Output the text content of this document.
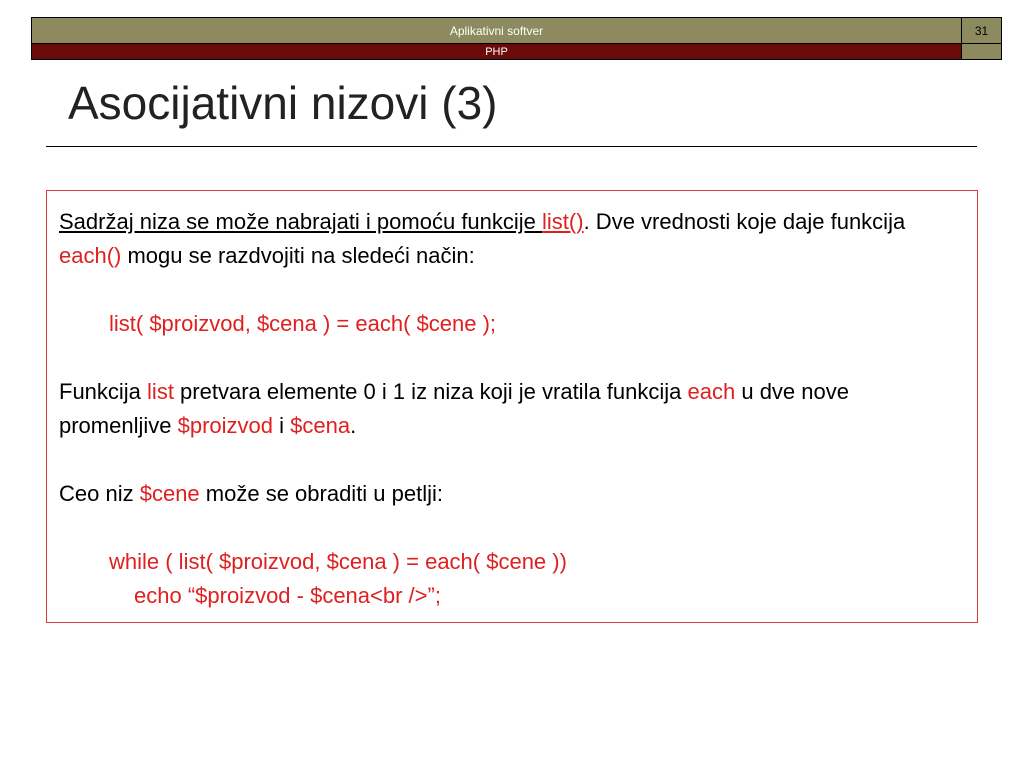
Aplikativni softver	31
PHP
Asocijativni nizovi (3)

Sadržaj niza se može nabrajati i pomoću funkcije list(). Dve vrednosti koje daje funkcija each() mogu se razdvojiti na sledeći način:

list( $proizvod, $cena ) = each( $cene );

Funkcija list pretvara elemente 0 i 1 iz niza koji je vratila funkcija each u dve nove promenljive $proizvod i $cena.

Ceo niz $cene može se obraditi u petlji:

while ( list( $proizvod, $cena ) = each( $cene ))

echo “$proizvod - $cena<br />”;
